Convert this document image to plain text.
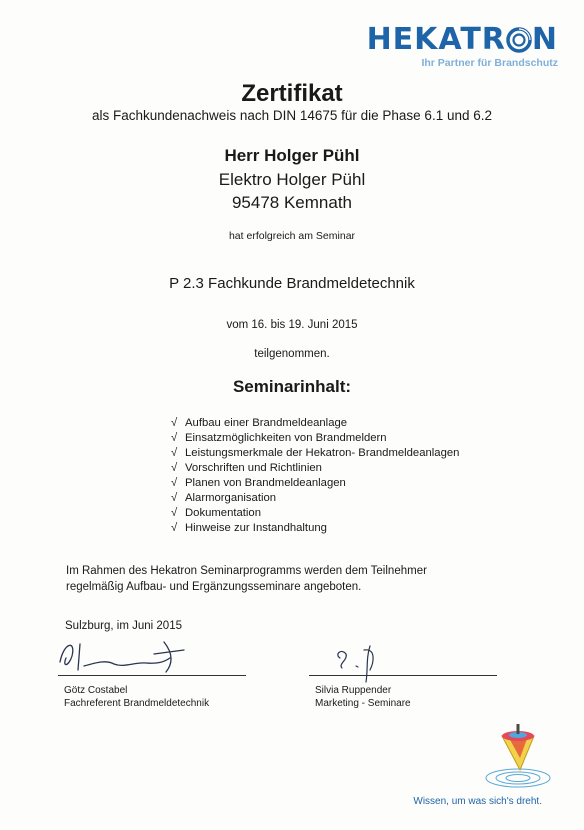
HEKATR N
Ihr Partner für Brandschutz
Zertifikat
als Fachkundenachweis nach DIN 14675 für die Phase 6.1 und 6.2
Herr Holger Pühl
Elektro Holger Pühl
95478 Kemnath
hat erfolgreich am Seminar
P 2.3 Fachkunde Brandmeldetechnik
vom 16. bis 19. Juni 2015
teilgenommen.
Seminarinhalt:
√ Aufbau einer Brandmeldeanlage
√ Einsatzmöglichkeiten von Brandmeldern
√ Leistungsmerkmale der Hekatron- Brandmeldeanlagen
√ Vorschriften und Richtlinien
√ Planen von Brandmeldeanlagen
√ Alarmorganisation
√ Dokumentation
√ Hinweise zur Instandhaltung
Im Rahmen des Hekatron Seminarprogramms werden dem Teilnehmer
regelmäßig Aufbau- und Ergänzungsseminare angeboten.
Sulzburg, im Juni 2015
Götz Costabel
Fachreferent Brandmeldetechnik
Silvia Ruppender
Marketing - Seminare
Wissen, um was sich's dreht.
